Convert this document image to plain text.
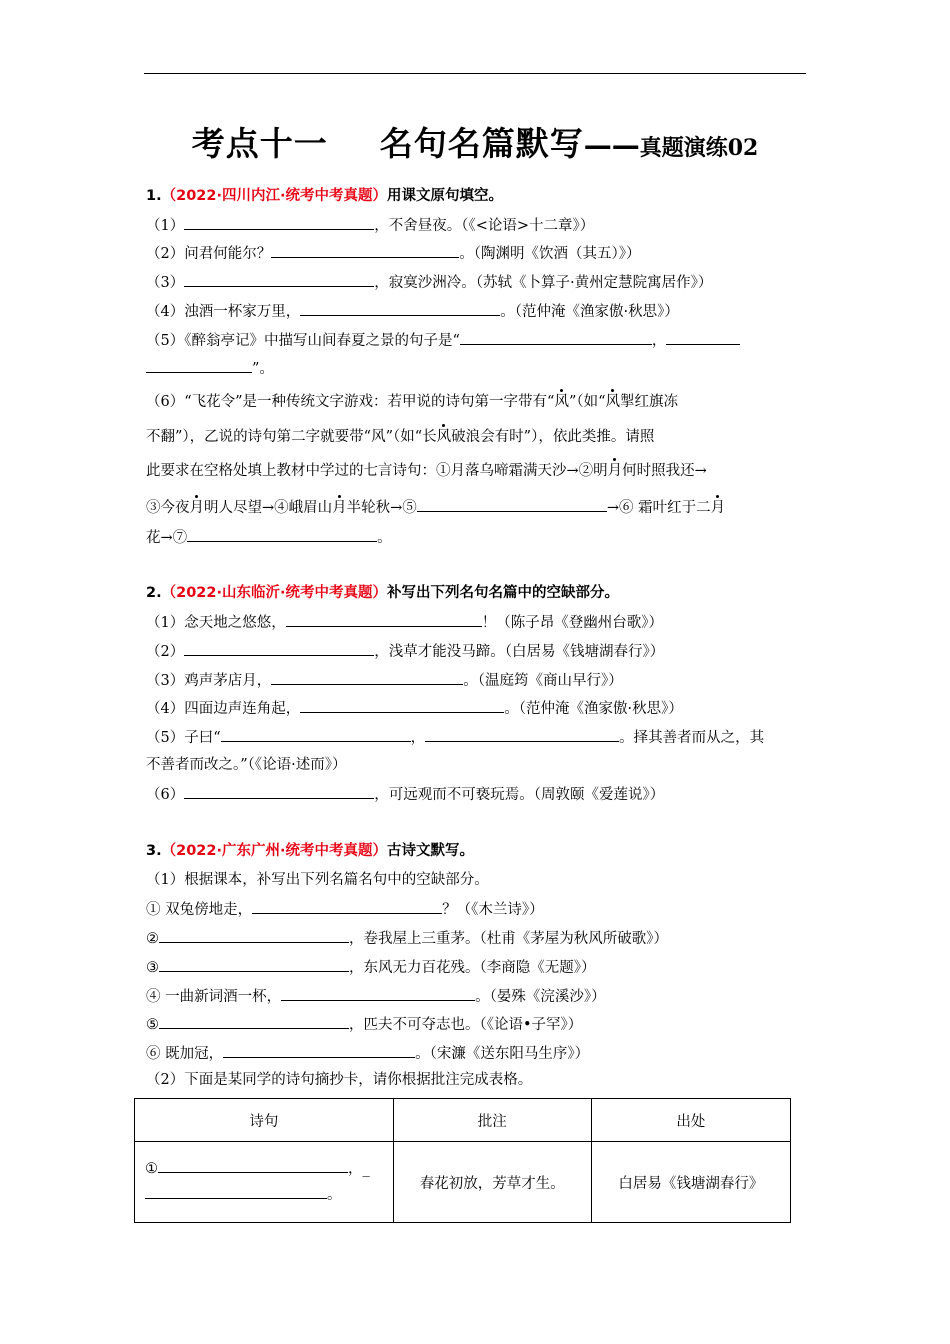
考点十一 名句名篇默写——真题演练02
1.（2022·四川内江·统考中考真题）用课文原句填空。
（1）	，不舍昼夜。（《<论语>十二章》）
（2）问君何能尔？	。（陶渊明《饮酒（其五）》）
（3）	，寂寞沙洲冷。（苏轼《卜算子·黄州定慧院寓居作》）
（4）浊酒一杯家万里，	。（范仲淹《渔家傲·秋思》）
（5）《醉翁亭记》中描写山间春夏之景的句子是“	，
”。
（6）“飞花令”是一种传统文字游戏：若甲说的诗句第一字带有“风”（如“风掣红旗冻
不翻”），乙说的诗句第二字就要带“风”（如“长风破浪会有时”），依此类推。请照
此要求在空格处填上教材中学过的七言诗句：①月落乌啼霜满天沙→②明月何时照我还→
③今夜月明人尽望→④峨眉山月半轮秋→⑤	→⑥ 霜叶红于二月
花→⑦	。
2.（2022·山东临沂·统考中考真题）补写出下列名句名篇中的空缺部分。
（1）念天地之悠悠，	！（陈子昂《登幽州台歌》）
（2）	，浅草才能没马蹄。（白居易《钱塘湖春行》）
（3）鸡声茅店月，	。（温庭筠《商山早行》）
（4）四面边声连角起，	。（范仲淹《渔家傲·秋思》）
（5）子曰“	，	。择其善者而从之，其
不善者而改之。”（《论语·述而》）
（6）	，可远观而不可亵玩焉。（周敦颐《爱莲说》）
3.（2022·广东广州·统考中考真题）古诗文默写。
（1）根据课本，补写出下列名篇名句中的空缺部分。
① 双兔傍地走，	？（《木兰诗》）
②	，卷我屋上三重茅。（杜甫《茅屋为秋风所破歌》）
③	，东风无力百花残。（李商隐《无题》）
④ 一曲新词酒一杯，	。（晏殊《浣溪沙》）
⑤	，匹夫不可夺志也。（《论语•子罕》）
⑥ 既加冠，	。（宋濂《送东阳马生序》）
（2）下面是某同学的诗句摘抄卡，请你根据批注完成表格。
诗句	批注	出处

① ，_
。	春花初放，芳草才生。	白居易《钱塘湖春行》
